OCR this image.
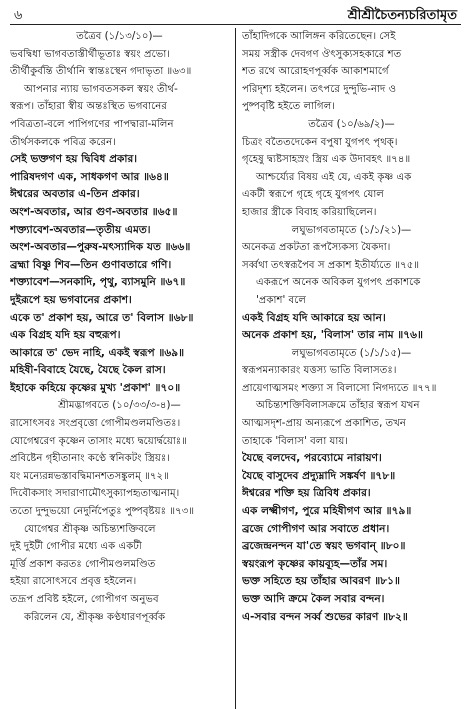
৬	শ্রীশ্রীচৈতন্যচরিতামৃত
তত্রৈব (১/১৩/১০)—
ভবদ্বিধা ভাগবতাস্তীর্থীভূতাঃ স্বয়ং প্রভো।
তীর্থীকুর্বন্তি তীর্থানি স্বান্তঃস্থেন গদাভৃতা ॥৬৩॥
আপনার ন্যায় ভাগবতসকল স্বয়ং তীর্থ-
স্বরূপ। তাঁহারা স্বীয় অন্তঃস্থিত ভগবানের
পবিত্রতা-বলে পাপিগণের পাপদ্বারা-মলিন
তীর্থসকলকে পবিত্র করেন।
সেই ভক্তগণ হয় দ্বিবিধ প্রকার।
পারিষদগণ এক, সাধকগণ আর ॥৬৪॥
ঈশ্বরের অবতার এ-তিন প্রকার।
অংশ-অবতার, আর গুণ-অবতার ॥৬৫॥
শক্ত্যাবেশ-অবতার—তৃতীয় এমত।
অংশ-অবতার—পুরুষ-মৎস্যাদিক যত ॥৬৬॥
ব্রহ্মা বিষ্ণু শিব—তিন গুণাবতারে গণি।
শক্ত্যাবেশ—সনকাদি, পৃথু, ব্যাসমুনি ॥৬৭॥
দুইরূপে হয় ভগবানের প্রকাশ।
একে ত' প্রকাশ হয়, আরে ত' বিলাস ॥৬৮॥
এক বিগ্রহ যদি হয় বহুরূপ।
আকারে ত' ভেদ নাহি, একই স্বরূপ ॥৬৯॥
মহিষী-বিবাহে যৈছে, যৈছে কৈল রাস।
ইহাকে কহিয়ে কৃষ্ণের মুখ্য 'প্রকাশ' ॥৭০॥
শ্রীমদ্ভাগবতে (১০/৩৩/৩-৪)—
রাসোৎসবঃ সংপ্রবৃত্তো গোপীমণ্ডলমণ্ডিতঃ।
যোগেশ্বরেণ কৃষ্ণেন তাসাং মধ্যে দ্বয়োর্দ্বয়োঃ॥
প্রবিষ্টেন গৃহীতানাং কণ্ঠে স্বনিকটং স্ত্রিয়ঃ।
যং মন্যেরন্নভস্তাবদ্বিমানশতসঙ্কুলম্ ॥৭২॥
দিবৌকসাং সদারাণামৌৎসুক্যাপহৃতাত্মনাম্।
ততো দুন্দুভয়ো নেদুর্নিপেতুঃ পুষ্পবৃষ্টয়ঃ ॥৭৩॥
যোগেশ্বর শ্রীকৃষ্ণ অচিন্ত্যশক্তিবলে
দুই দুইটী গোপীর মধ্যে এক একটী
মূর্ত্তি প্রকাশ করতঃ গোপীমণ্ডলমণ্ডিত
হইয়া রাসোৎসবে প্রবৃত্ত হইলেন।
তদ্রূপ প্রবিষ্ট হইলে, গোপীগণ অনুভব
করিলেন যে, শ্রীকৃষ্ণ কণ্ঠধারণপূর্ব্বক
তাঁহাদিগকে আলিঙ্গন করিতেছেন। সেই
সময় সস্ত্রীক দেবগণ ঔৎসুক্যসহকারে শত
শত রথে আরোহণপূর্ব্বক আকাশমার্গে
পরিদৃশ্য হইলেন। তৎপরে দুন্দুভি-নাদ ও
পুষ্পবৃষ্টি হইতে লাগিল।
তত্রৈব (১০/৬৯/২)—
চিত্রং বতৈতদেকেন বপুষা যুগপৎ পৃথক্।
গৃহেষু দ্ব্যষ্টসাহস্রং স্ত্রিয় এক উদাবহৎ ॥৭৪॥
আশ্চর্য্যের বিষয় এই যে, একই কৃষ্ণ এক
একটী স্বরূপে গৃহে গৃহে যুগপৎ যোল
হাজার স্ত্রীকে বিবাহ করিয়াছিলেন।
লঘুভাগবতামৃতে (১/১/২১)—
অনেকত্র প্রকটতা রূপস্যৈকস্য যৈকদা।
সর্ব্বথা তৎস্বরূপৈব স প্রকাশ ইতীর্য্যতে ॥৭৫॥
একরূপে অনেক অবিকল যুগপৎ প্রকাশকে
'প্রকাশ' বলে
একই বিগ্রহ যদি আকারে হয় আন।
অনেক প্রকাশ হয়, 'বিলাস' তার নাম ॥৭৬॥
লঘুভাগবতামৃতে (১/১/১৫)—
স্বরূপমন্যাকারং যত্তস্য ভাতি বিলাসতঃ।
প্রায়েণাত্মসমং শক্ত্যা স বিলাসো নিগদ্যতে ॥৭৭॥
অচিন্ত্যশক্তিবিলাসক্রমে তাঁহার স্বরূপ যখন
আত্মসদৃশ-প্রায় অন্যরূপে প্রকাশিত, তখন
তাহাকে 'বিলাস' বলা যায়।
যৈছে বলদেব, পরব্যোমে নারায়ণ।
যৈছে বাসুদেব প্রদ্যুম্নাদি সঙ্কর্ষণ ॥৭৮॥
ঈশ্বরের শক্তি হয় ত্রিবিধ প্রকার।
এক লক্ষ্মীগণ, পুরে মহিষীগণ আর ॥৭৯॥
ব্রজে গোপীগণ আর সবাতে প্রধান।
ব্রজেন্দ্রনন্দন যা'তে স্বয়ং ভগবান্ ॥৮০॥
স্বয়ংরূপ কৃষ্ণের কায়ব্যূহ—তাঁর সম।
ভক্ত সহিতে হয় তাঁহার আবরণ ॥৮১॥
ভক্ত আদি ক্রমে কৈল সবার বন্দন।
এ-সবার বন্দন সর্ব্ব শুভের কারণ ॥৮২॥
